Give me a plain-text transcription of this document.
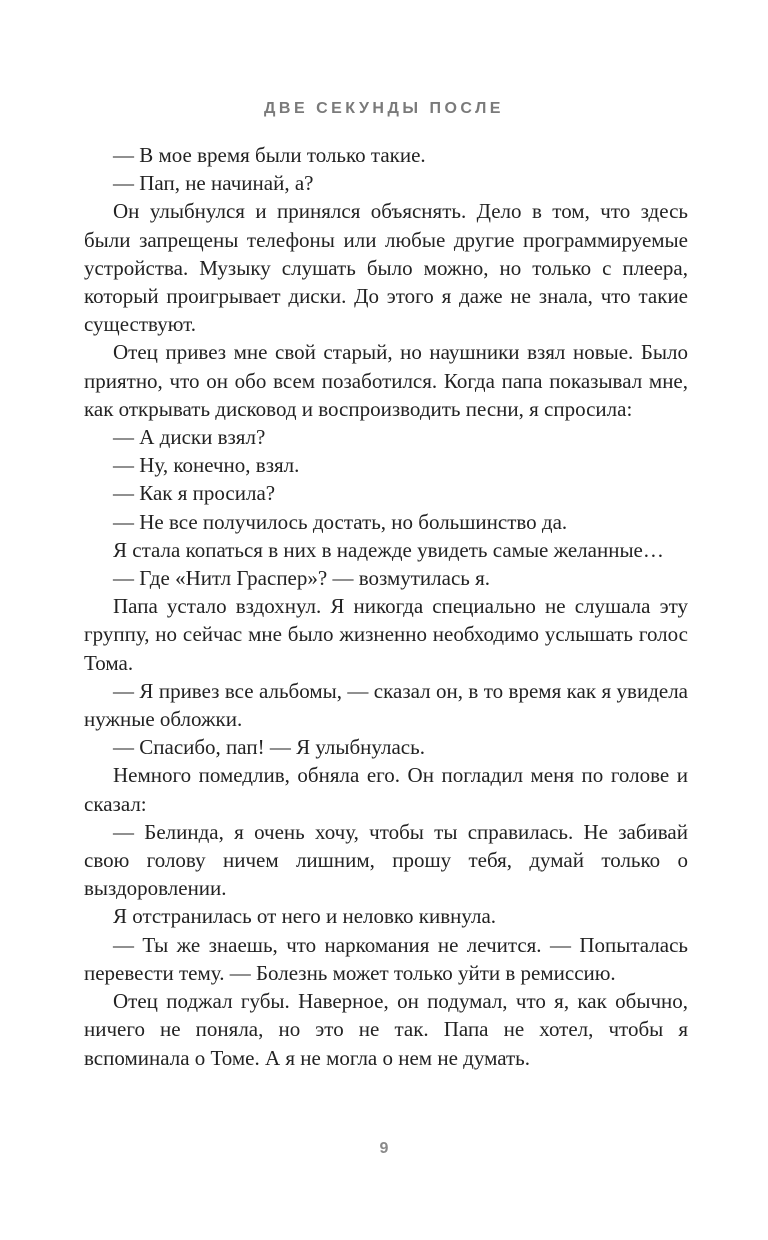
ДВЕ СЕКУНДЫ ПОСЛЕ

— В мое время были только такие.

— Пап, не начинай, а?

Он улыбнулся и принялся объяснять. Дело в том, что здесь были запрещены телефоны или любые другие программируемые устройства. Музыку слушать было можно, но только с плеера, который проигрывает диски. До этого я даже не знала, что такие существуют.

Отец привез мне свой старый, но наушники взял новые. Было приятно, что он обо всем позаботился. Когда папа показывал мне, как открывать дисковод и воспроизводить песни, я спросила:

— А диски взял?

— Ну, конечно, взял.

— Как я просила?

— Не все получилось достать, но большинство да.

Я стала копаться в них в надежде увидеть самые желанные…

— Где «Нитл Граспер»? — возмутилась я.

Папа устало вздохнул. Я никогда специально не слушала эту группу, но сейчас мне было жизненно необходимо услышать голос Тома.

— Я привез все альбомы, — сказал он, в то время как я увидела нужные обложки.

— Спасибо, пап! — Я улыбнулась.

Немного помедлив, обняла его. Он погладил меня по голове и сказал:

— Белинда, я очень хочу, чтобы ты справилась. Не забивай свою голову ничем лишним, прошу тебя, думай только о выздоровлении.

Я отстранилась от него и неловко кивнула.

— Ты же знаешь, что наркомания не лечится. — Попыталась перевести тему. — Болезнь может только уйти в ремиссию.

Отец поджал губы. Наверное, он подумал, что я, как обычно, ничего не поняла, но это не так. Папа не хотел, чтобы я вспоминала о Томе. А я не могла о нем не думать.

9
